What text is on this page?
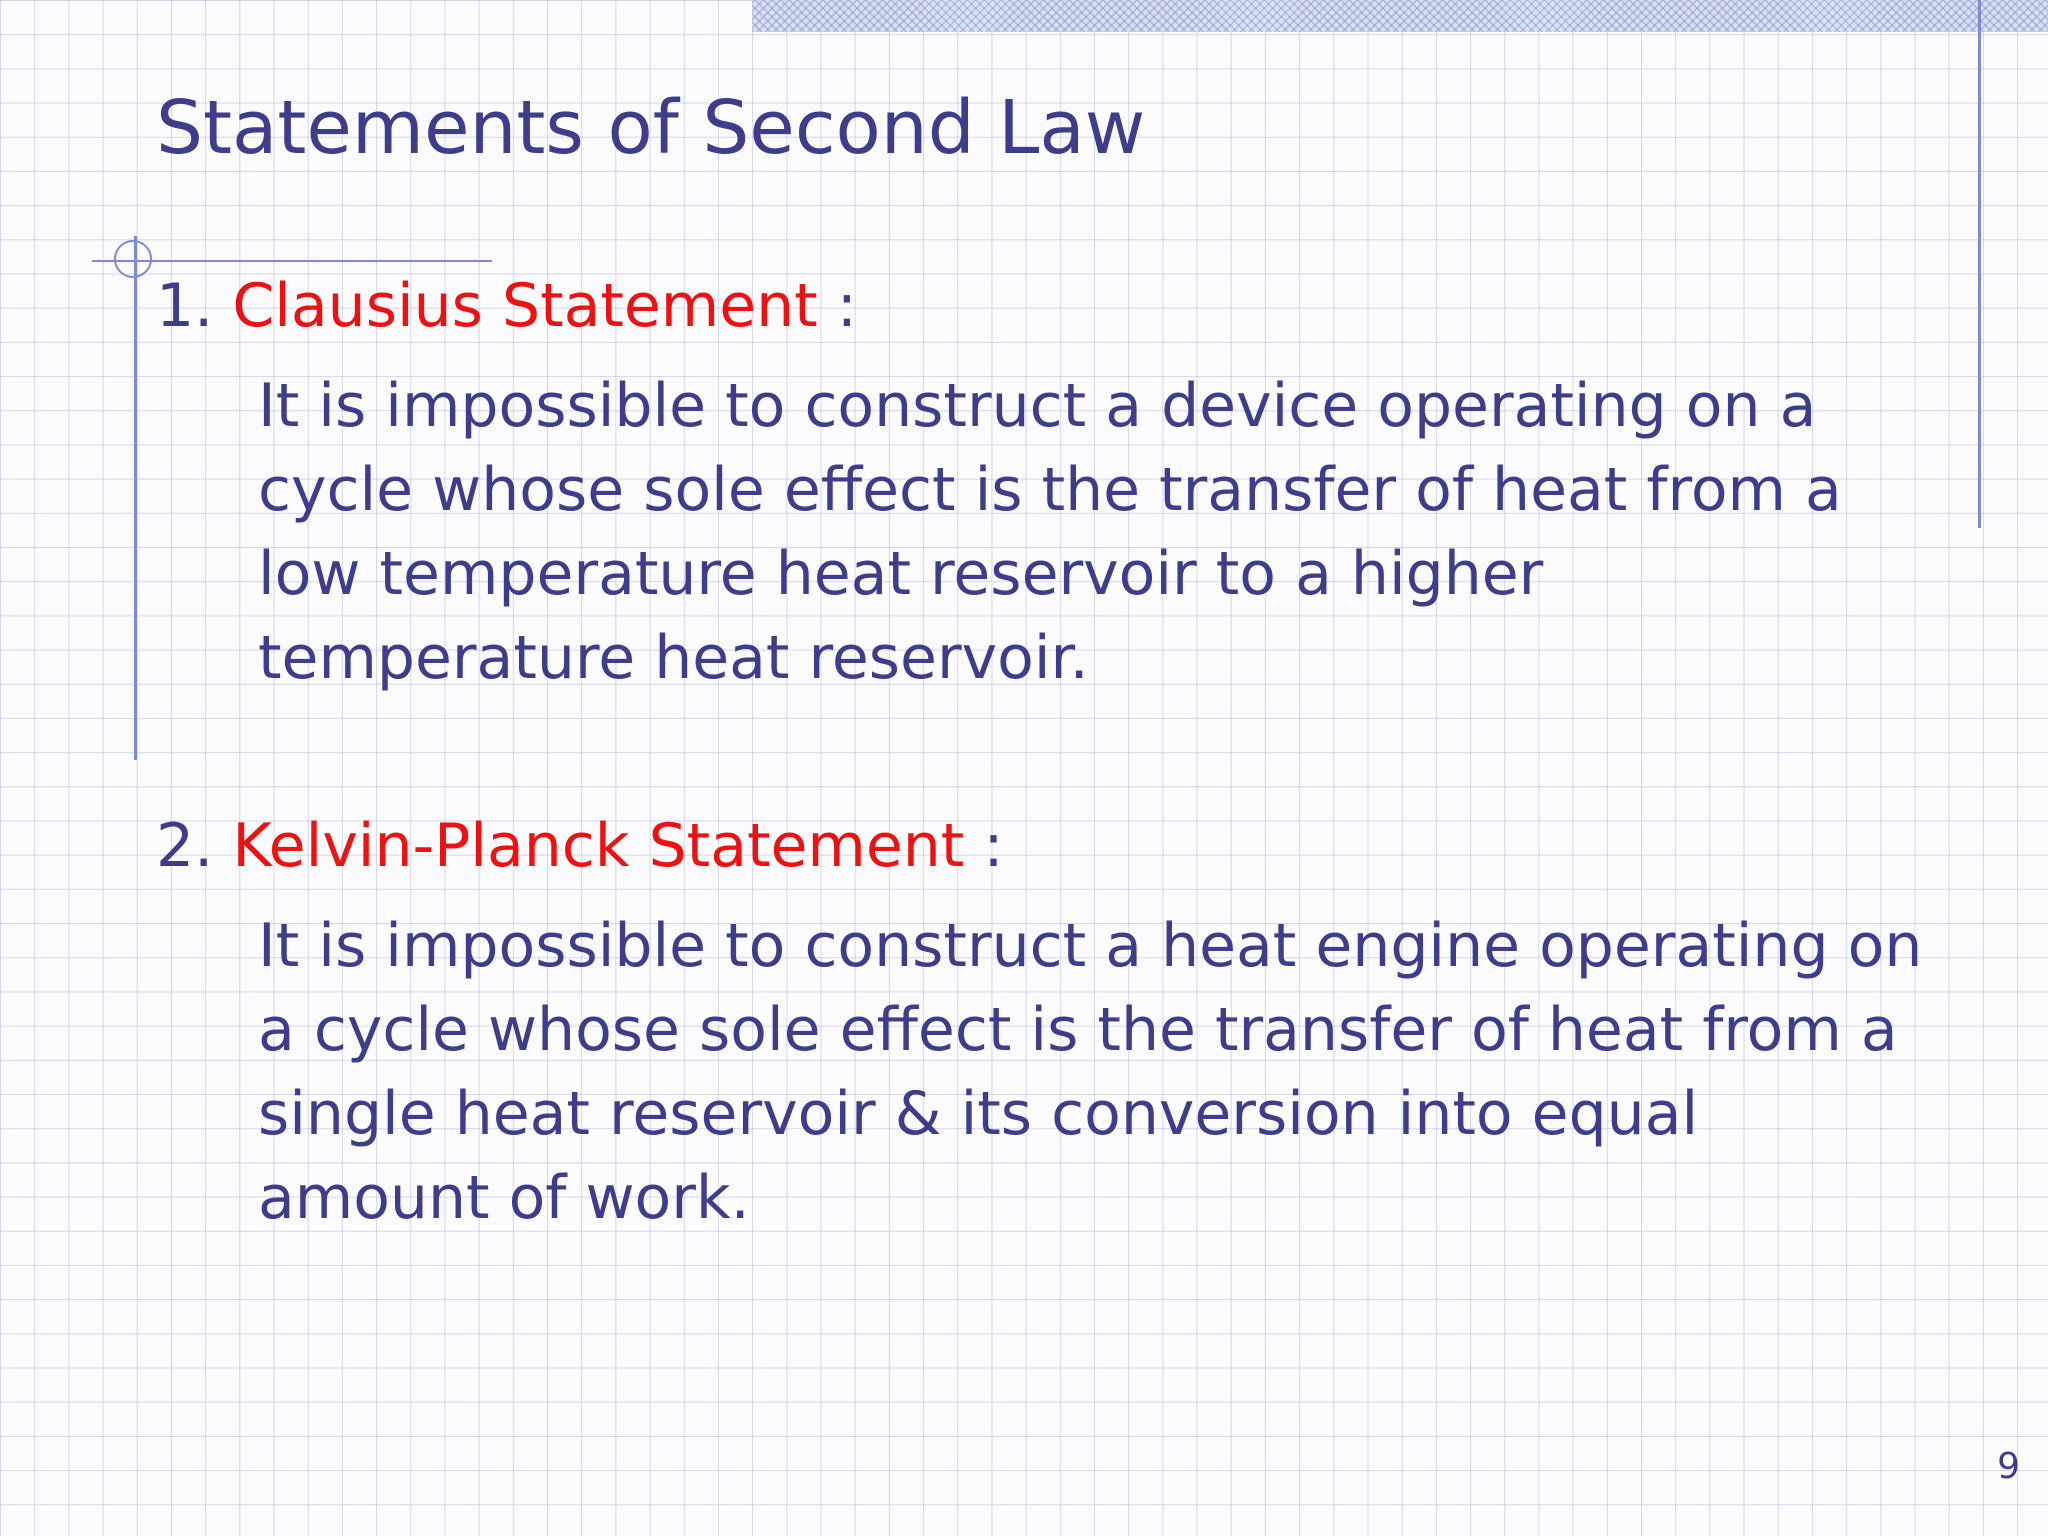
Statements of Second Law
1. Clausius Statement :

It is impossible to construct a device operating on a cycle whose sole effect is the transfer of heat from a low temperature heat reservoir to a higher temperature heat reservoir.

2. Kelvin-Planck Statement :

It is impossible to construct a heat engine operating on a cycle whose sole effect is the transfer of heat from a single heat reservoir & its conversion into equal amount of work.

9
